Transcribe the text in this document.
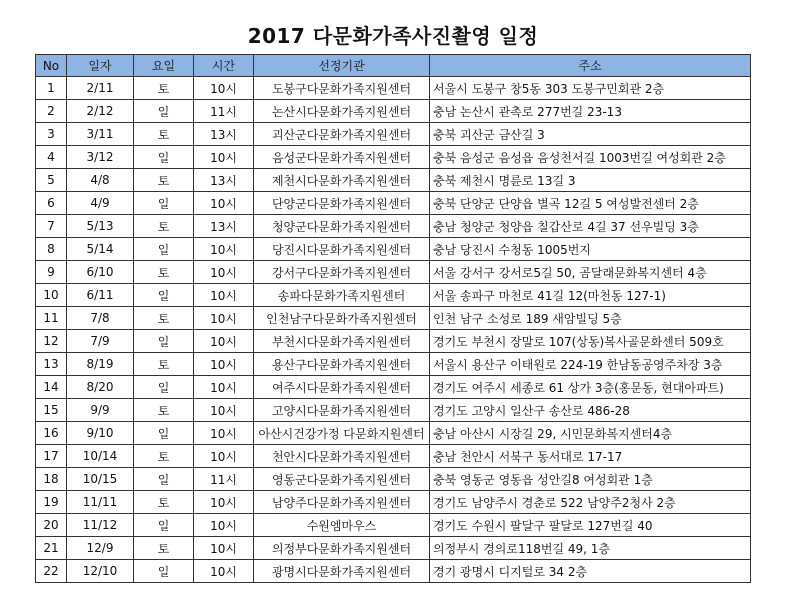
2017 다문화가족사진촬영 일정
No	일자	요일	시간	선정기관	주소
1	2/11	토	10시	도봉구다문화가족지원센터	서울시 도봉구 창5동 303 도봉구민회관 2층
2	2/12	일	11시	논산시다문화가족지원센터	충남 논산시 관촉로 277번길 23-13
3	3/11	토	13시	괴산군다문화가족지원센터	충북 괴산군 금산길 3
4	3/12	일	10시	음성군다문화가족지원센터	충북 음성군 음성읍 음성천서길 1003번길 여성회관 2층
5	4/8	토	13시	제천시다문화가족지원센터	충북 제천시 명륜로 13길 3
6	4/9	일	10시	단양군다문화가족지원센터	충북 단양군 단양읍 별곡 12길 5 여성발전센터 2층
7	5/13	토	13시	청양군다문화가족지원센터	충남 청양군 청양읍 칠갑산로 4길 37 선우빌딩 3층
8	5/14	일	10시	당진시다문화가족지원센터	충남 당진시 수청동 1005번지
9	6/10	토	10시	강서구다문화가족지원센터	서울 강서구 강서로5길 50, 곰달래문화복지센터 4층
10	6/11	일	10시	송파다문화가족지원센터	서울 송파구 마천로 41길 12(마천동 127-1)
11	7/8	토	10시	인천남구다문화가족지원센터	인천 남구 소성로 189 새암빌딩 5층
12	7/9	일	10시	부천시다문화가족지원센터	경기도 부천시 장말로 107(상동)복사골문화센터 509호
13	8/19	토	10시	용산구다문화가족지원센터	서울시 용산구 이태원로 224-19 한남동공영주차장 3층
14	8/20	일	10시	여주시다문화가족지원센터	경기도 여주시 세종로 61 상가 3층(홍문동, 현대아파트)
15	9/9	토	10시	고양시다문화가족지원센터	경기도 고양시 일산구 송산로 486-28
16	9/10	일	10시	아산시건강가정 다문화지원센터	충남 아산시 시장길 29, 시민문화복지센터4층
17	10/14	토	10시	천안시다문화가족지원센터	충남 천안시 서북구 동서대로 17-17
18	10/15	일	11시	영동군다문화가족지원센터	충북 영동군 영동읍 성안길8 여성회관 1층
19	11/11	토	10시	남양주다문화가족지원센터	경기도 남양주시 경춘로 522 남양주2청사 2층
20	11/12	일	10시	수원엠마우스	경기도 수원시 팔달구 팔달로 127번길 40
21	12/9	토	10시	의정부다문화가족지원센터	의정부시 경의로118번길 49, 1층
22	12/10	일	10시	광명시다문화가족지원센터	경기 광명시 디지털로 34 2층
